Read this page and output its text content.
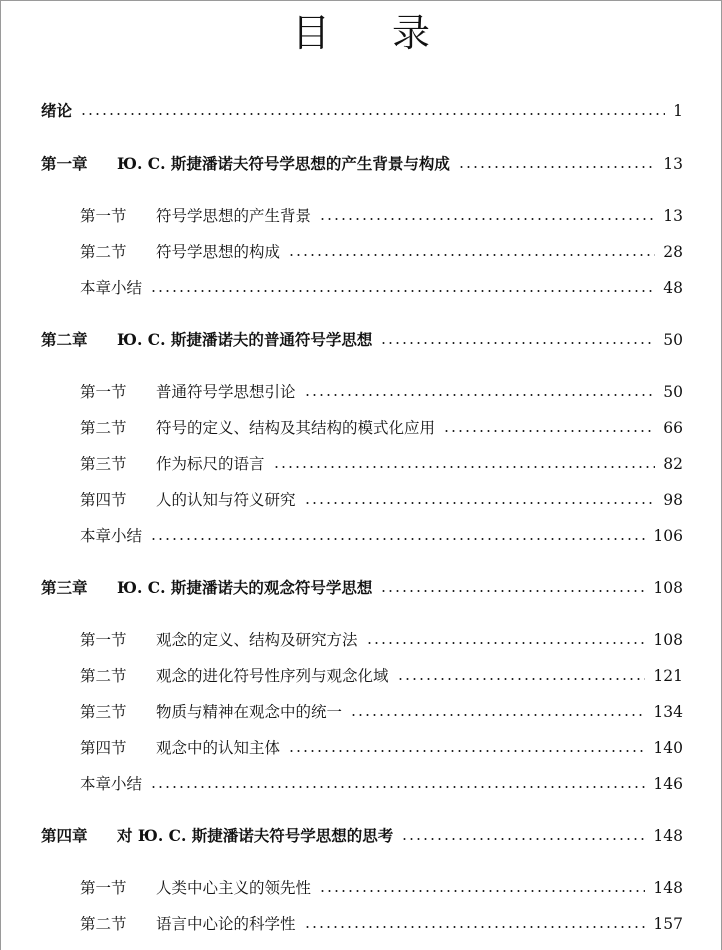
目 录
绪论	1
第一章	Ю. С. 斯捷潘诺夫符号学思想的产生背景与构成	13
第一节	符号学思想的产生背景	13
第二节	符号学思想的构成	28
本章小结	48
第二章	Ю. С. 斯捷潘诺夫的普通符号学思想	50
第一节	普通符号学思想引论	50
第二节	符号的定义、结构及其结构的模式化应用	66
第三节	作为标尺的语言	82
第四节	人的认知与符义研究	98
本章小结	106
第三章	Ю. С. 斯捷潘诺夫的观念符号学思想	108
第一节	观念的定义、结构及研究方法	108
第二节	观念的进化符号性序列与观念化域	121
第三节	物质与精神在观念中的统一	134
第四节	观念中的认知主体	140
本章小结	146
第四章	对 Ю. С. 斯捷潘诺夫符号学思想的思考	148
第一节	人类中心主义的领先性	148
第二节	语言中心论的科学性	157
